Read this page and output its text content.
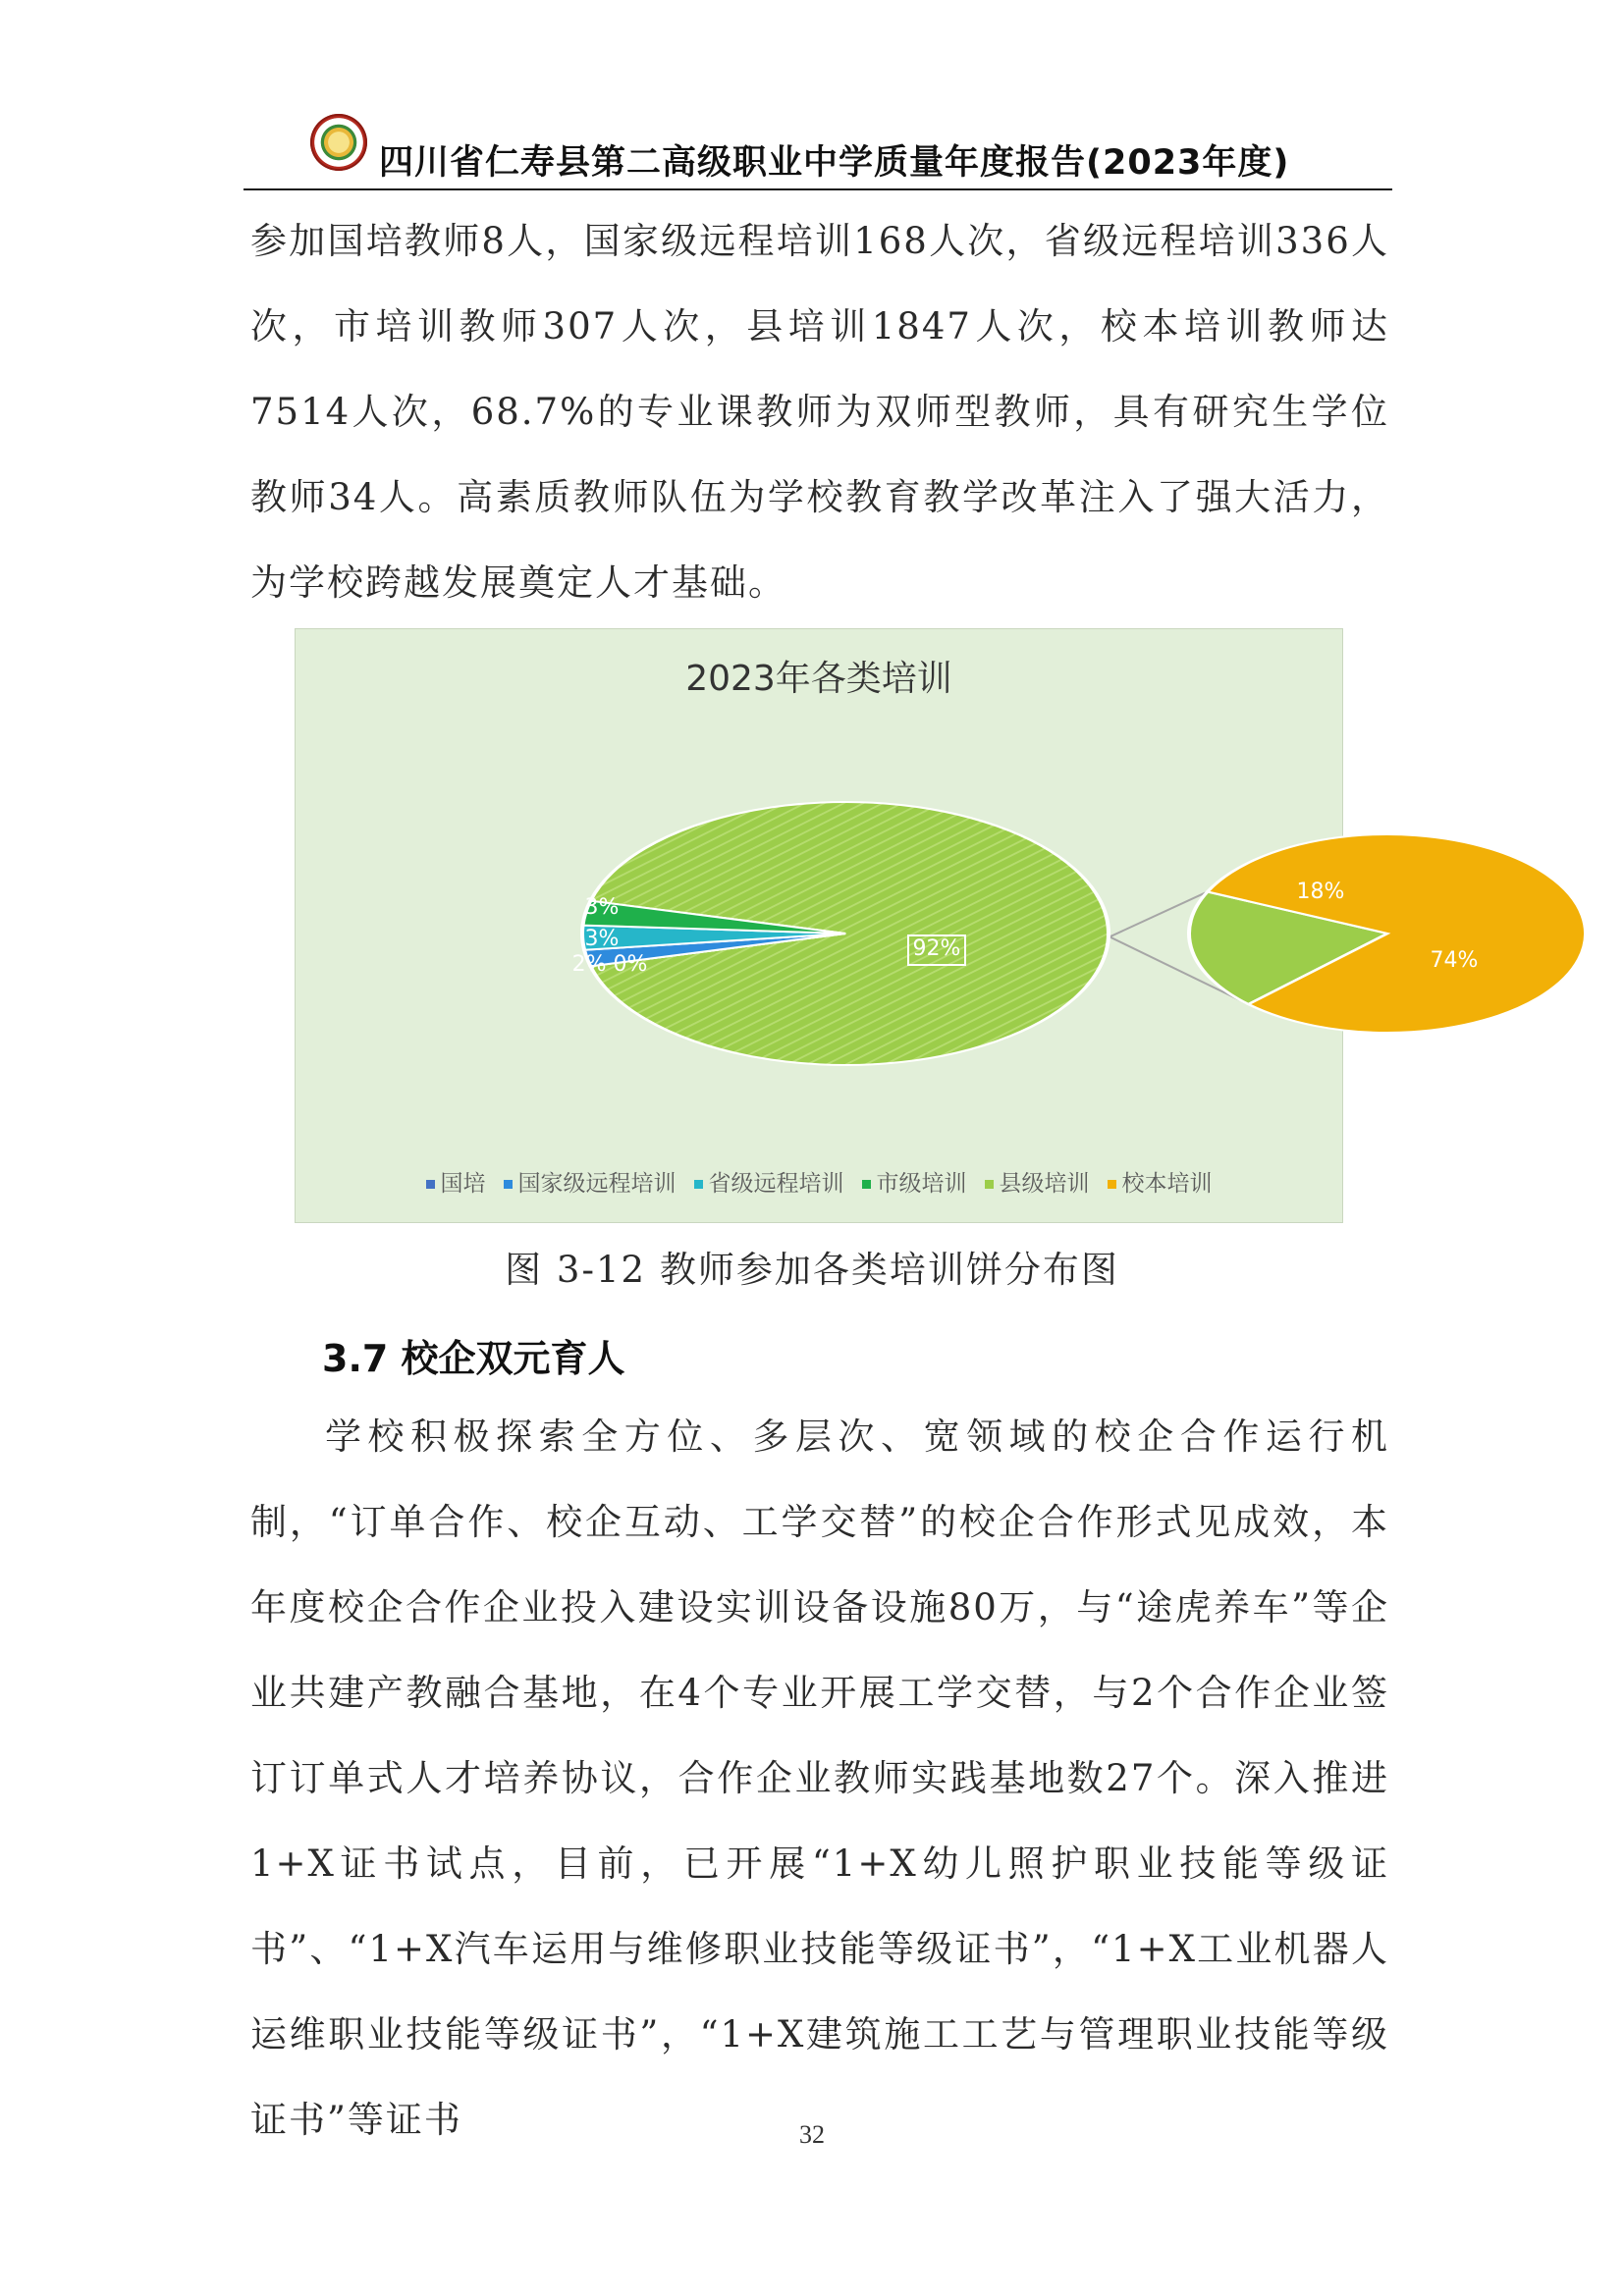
四川省仁寿县第二高级职业中学质量年度报告(2023年度)

参加国培教师8人，国家级远程培训168人次，省级远程培训336人次，市培训教师307人次，县培训1847人次，校本培训教师达7514人次，68.7%的专业课教师为双师型教师，具有研究生学位教师34人。高素质教师队伍为学校教育教学改革注入了强大活力，为学校跨越发展奠定人才基础。

2023年各类培训
92%
3%
3%
2% 0%
18%
74%
国培 国家级远程培训 省级远程培训 市级培训 县级培训 校本培训
图 3-12 教师参加各类培训饼分布图
3.7 校企双元育人

学校积极探索全方位、多层次、宽领域的校企合作运行机制，“订单合作、校企互动、工学交替”的校企合作形式见成效，本年度校企合作企业投入建设实训设备设施80万，与“途虎养车”等企业共建产教融合基地，在4个专业开展工学交替，与2个合作企业签订订单式人才培养协议，合作企业教师实践基地数27个。深入推进1+X证书试点，目前，已开展“1+X幼儿照护职业技能等级证书”、“1+X汽车运用与维修职业技能等级证书”，“1+X工业机器人运维职业技能等级证书”，“1+X建筑施工工艺与管理职业技能等级证书”等证书	32
